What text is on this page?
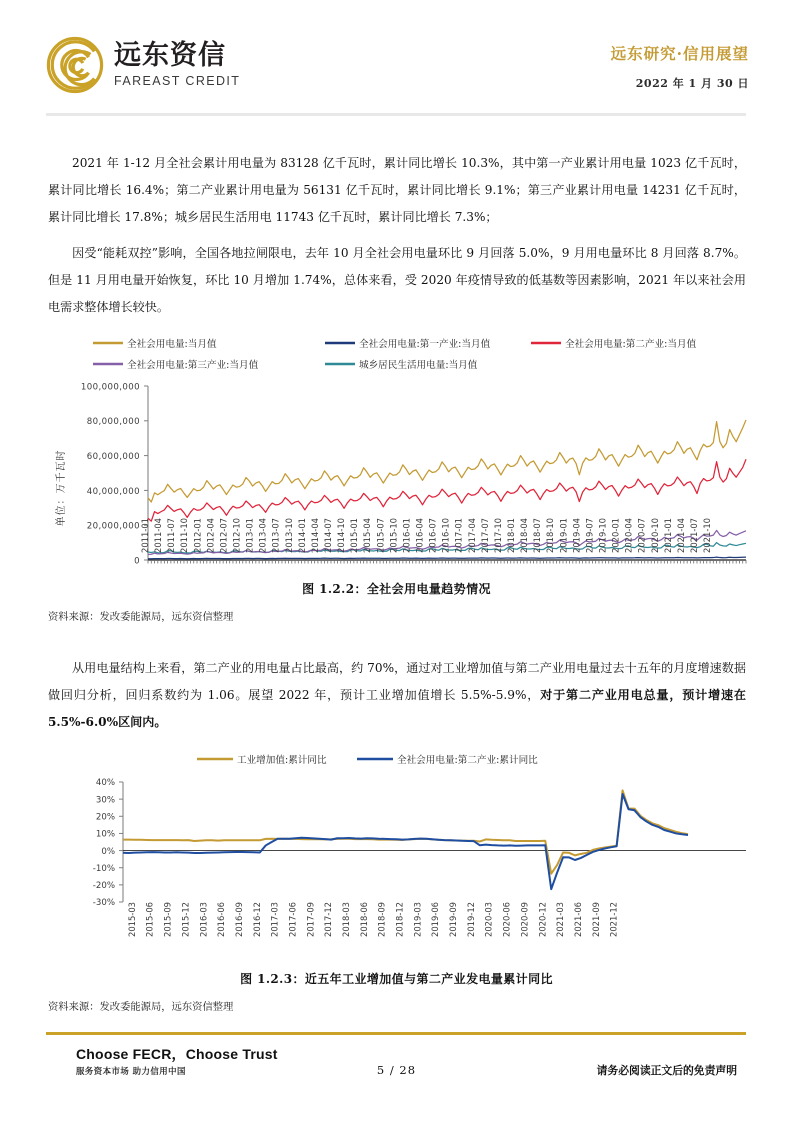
远东资信
FAREAST CREDIT
远东研究·信用展望
2022 年 1 月 30 日
2021 年 1-12 月全社会累计用电量为 83128 亿千瓦时，累计同比增长 10.3%，其中第一产业累计用电量 1023 亿千瓦时，累计同比增长 16.4%；第二产业累计用电量为 56131 亿千瓦时，累计同比增长 9.1%；第三产业累计用电量 14231 亿千瓦时，累计同比增长 17.8%；城乡居民生活用电 11743 亿千瓦时，累计同比增长 7.3%；
因受“能耗双控”影响，全国各地拉闸限电，去年 10 月全社会用电量环比 9 月回落 5.0%，9 月用电量环比 8 月回落 8.7%。但是 11 月用电量开始恢复，环比 10 月增加 1.74%，总体来看，受 2020 年疫情导致的低基数等因素影响，2021 年以来社会用电需求整体增长较快。
全社会用电量:当月值	全社会用电量:第一产业:当月值	全社会用电量:第二产业:当月值
全社会用电量:第三产业:当月值	城乡居民生活用电量:当月值
0
20,000,000
40,000,000
60,000,000
80,000,000
100,000,000
单位：万千瓦时
2011-01 2011-04 2011-07 2011-10 2012-01 2012-04 2012-07 2012-10 2013-01 2013-04 2013-07 2013-10 2014-01 2014-04 2014-07 2014-10 2015-01 2015-04 2015-07 2015-10 2016-01 2016-04 2016-07 2016-10 2017-01 2017-04 2017-07 2017-10 2018-01 2018-04 2018-07 2018-10 2019-01 2019-04 2019-07 2019-10 2020-01 2020-04 2020-07 2020-10 2021-01 2021-04 2021-07 2021-10
图 1.2.2：全社会用电量趋势情况
资料来源：发改委能源局，远东资信整理
从用电量结构上来看，第二产业的用电量占比最高，约 70%，通过对工业增加值与第二产业用电量过去十五年的月度增速数据做回归分析，回归系数约为 1.06。展望 2022 年，预计工业增加值增长 5.5%-5.9%，对于第二产业用电总量，预计增速在 5.5%-6.0%区间内。
工业增加值:累计同比	全社会用电量:第二产业:累计同比
-30%
-20%
-10%
0%
10%
20%
30%
40%
2015-03 2015-06 2015-09 2015-12 2016-03 2016-06 2016-09 2016-12 2017-03 2017-06 2017-09 2017-12 2018-03 2018-06 2018-09 2018-12 2019-03 2019-06 2019-09 2019-12 2020-03 2020-06 2020-09 2020-12 2021-03 2021-06 2021-09 2021-12
图 1.2.3：近五年工业增加值与第二产业发电量累计同比
资料来源：发改委能源局，远东资信整理
Choose FECR，Choose Trust
服务资本市场 助力信用中国	5 / 28	请务必阅读正文后的免责声明
